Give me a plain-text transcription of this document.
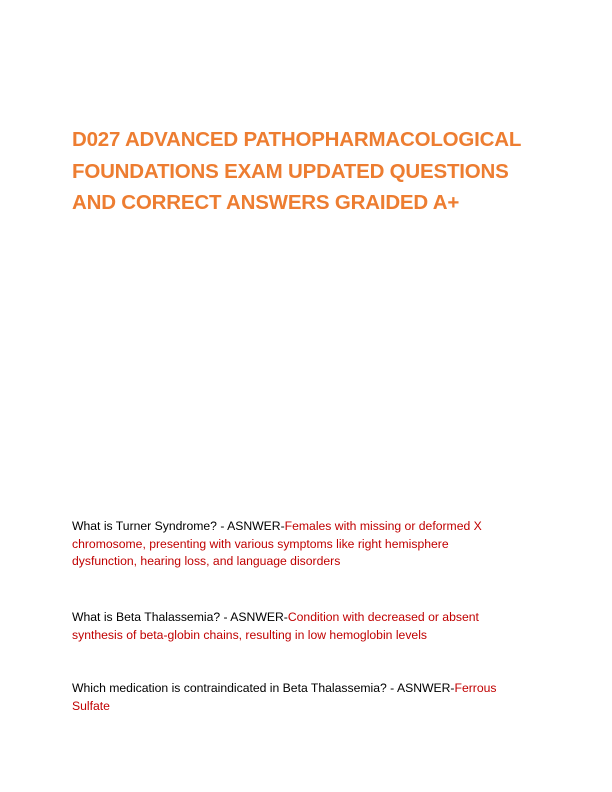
D027 ADVANCED PATHOPHARMACOLOGICAL
FOUNDATIONS EXAM UPDATED QUESTIONS
AND CORRECT ANSWERS GRAIDED A+

What is Turner Syndrome? - ASNWER-Females with missing or deformed X
chromosome, presenting with various symptoms like right hemisphere
dysfunction, hearing loss, and language disorders

What is Beta Thalassemia? - ASNWER-Condition with decreased or absent
synthesis of beta-globin chains, resulting in low hemoglobin levels

Which medication is contraindicated in Beta Thalassemia? - ASNWER-Ferrous
Sulfate
